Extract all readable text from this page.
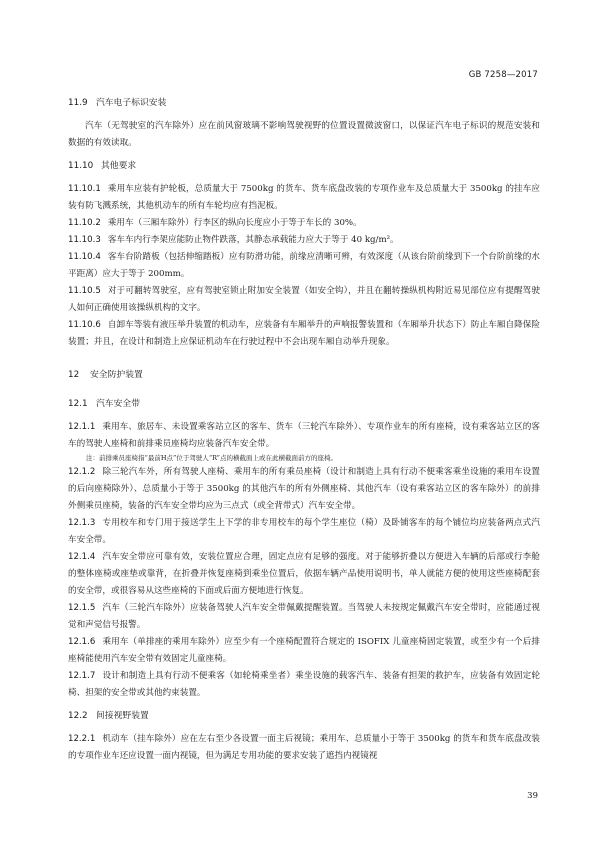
GB 7258—2017
11.9 汽车电子标识安装
汽车（无驾驶室的汽车除外）应在前风窗玻璃不影响驾驶视野的位置设置微波窗口，以保证汽车电子标识的规范安装和数据的有效读取。
11.10 其他要求
11.10.1 乘用车应装有护轮板，总质量大于 7500kg 的货车、货车底盘改装的专项作业车及总质量大于 3500kg 的挂车应装有防飞溅系统，其他机动车的所有车轮均应有挡泥板。
11.10.2 乘用车（三厢车除外）行李区的纵向长度应小于等于车长的 30%。
11.10.3 客车车内行李架应能防止物件跌落，其静态承载能力应大于等于 40 kg/m²。
11.10.4 客车台阶踏板（包括伸缩踏板）应有防滑功能，前缘应清晰可辨，有效深度（从该台阶前缘到下一个台阶前缘的水平距离）应大于等于 200mm。
11.10.5 对于可翻转驾驶室，应有驾驶室锁止附加安全装置（如安全钩），并且在翻转操纵机构附近易见部位应有提醒驾驶人如何正确使用该操纵机构的文字。
11.10.6 自卸车等装有液压举升装置的机动车，应装备有车厢举升的声响报警装置和（车厢举升状态下）防止车厢自降保险装置；并且，在设计和制造上应保证机动车在行驶过程中不会出现车厢自动举升现象。
12 安全防护装置
12.1 汽车安全带
12.1.1 乘用车、旅居车、未设置乘客站立区的客车、货车（三轮汽车除外）、专项作业车的所有座椅，设有乘客站立区的客车的驾驶人座椅和前排乘员座椅均应装备汽车安全带。
注：前排乘员座椅指“最前H点”位于驾驶人“R”点的横截面上或在此横截面前方的座椅。
12.1.2 除三轮汽车外，所有驾驶人座椅、乘用车的所有乘员座椅（设计和制造上具有行动不便乘客乘坐设施的乘用车设置的后向座椅除外）、总质量小于等于 3500kg 的其他汽车的所有外侧座椅、其他汽车（设有乘客站立区的客车除外）的前排外侧乘员座椅，装备的汽车安全带均应为三点式（或全背带式）汽车安全带。
12.1.3 专用校车和专门用于接送学生上下学的非专用校车的每个学生座位（椅）及卧铺客车的每个铺位均应装备两点式汽车安全带。
12.1.4 汽车安全带应可靠有效，安装位置应合理，固定点应有足够的强度。对于能够折叠以方便进入车辆的后部或行李舱的整体座椅或座垫或靠背，在折叠并恢复座椅到乘坐位置后，依据车辆产品使用说明书，单人就能方便的使用这些座椅配套的安全带，或很容易从这些座椅的下面或后面方便地进行恢复。
12.1.5 汽车（三轮汽车除外）应装备驾驶人汽车安全带佩戴提醒装置。当驾驶人未按规定佩戴汽车安全带时，应能通过视觉和声觉信号报警。
12.1.6 乘用车（单排座的乘用车除外）应至少有一个座椅配置符合规定的 ISOFIX 儿童座椅固定装置，或至少有一个后排座椅能使用汽车安全带有效固定儿童座椅。
12.1.7 设计和制造上具有行动不便乘客（如轮椅乘坐者）乘坐设施的载客汽车、装备有担架的救护车，应装备有效固定轮椅、担架的安全带或其他约束装置。
12.2 间接视野装置
12.2.1 机动车（挂车除外）应在左右至少各设置一面主后视镜；乘用车、总质量小于等于 3500kg 的货车和货车底盘改装的专项作业车还应设置一面内视镜，但为满足专用功能的要求安装了遮挡内视镜视
39
